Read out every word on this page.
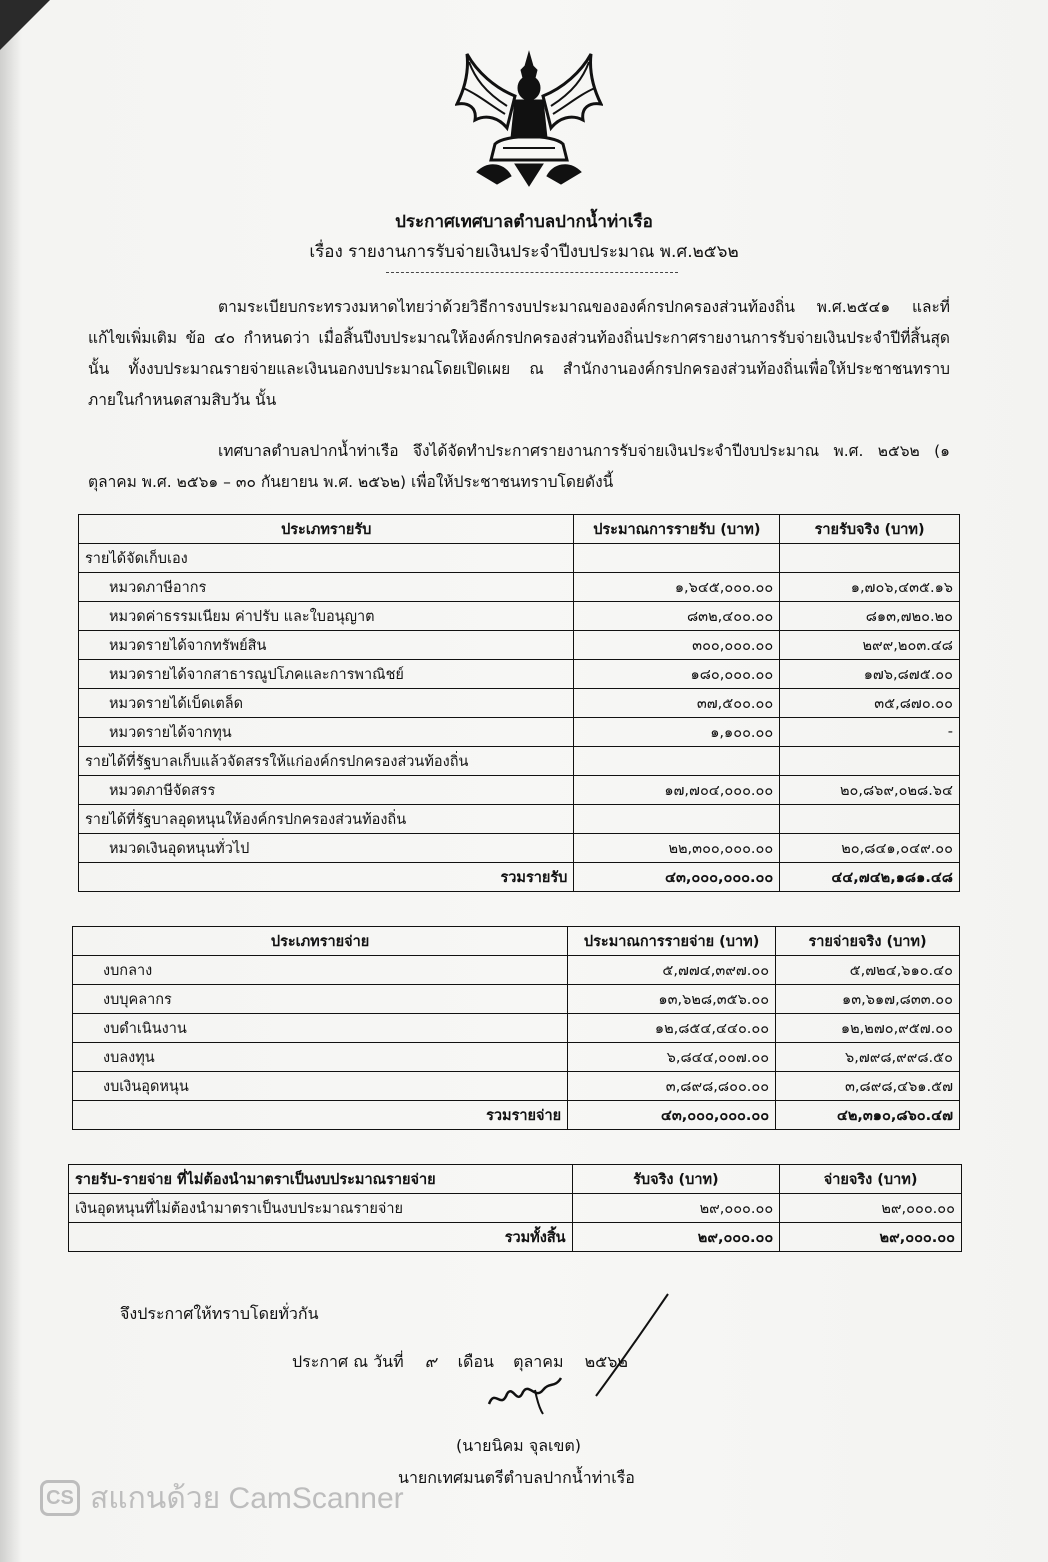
ประกาศเทศบาลตำบลปากน้ำท่าเรือ
เรื่อง รายงานการรับจ่ายเงินประจำปีงบประมาณ พ.ศ.๒๕๖๒
ตามระเบียบกระทรวงมหาดไทยว่าด้วยวิธีการงบประมาณขององค์กรปกครองส่วนท้องถิ่น พ.ศ.๒๕๔๑ และที่แก้ไขเพิ่มเติม ข้อ ๔๐ กำหนดว่า เมื่อสิ้นปีงบประมาณให้องค์กรปกครองส่วนท้องถิ่นประกาศรายงานการรับจ่ายเงินประจำปีที่สิ้นสุดนั้น ทั้งงบประมาณรายจ่ายและเงินนอกงบประมาณโดยเปิดเผย ณ สำนักงานองค์กรปกครองส่วนท้องถิ่นเพื่อให้ประชาชนทราบภายในกำหนดสามสิบวัน นั้น
เทศบาลตำบลปากน้ำท่าเรือ จึงได้จัดทำประกาศรายงานการรับจ่ายเงินประจำปีงบประมาณ พ.ศ. ๒๕๖๒ (๑ ตุลาคม พ.ศ. ๒๕๖๑ – ๓๐ กันยายน พ.ศ. ๒๕๖๒) เพื่อให้ประชาชนทราบโดยดังนี้
ประเภทรายรับ	ประมาณการรายรับ (บาท)	รายรับจริง (บาท)
รายได้จัดเก็บเอง		
หมวดภาษีอากร	๑,๖๔๕,๐๐๐.๐๐	๑,๗๐๖,๔๓๕.๑๖
หมวดค่าธรรมเนียม ค่าปรับ และใบอนุญาต	๘๓๒,๔๐๐.๐๐	๘๑๓,๗๒๐.๒๐
หมวดรายได้จากทรัพย์สิน	๓๐๐,๐๐๐.๐๐	๒๙๙,๒๐๓.๔๘
หมวดรายได้จากสาธารณูปโภคและการพาณิชย์	๑๘๐,๐๐๐.๐๐	๑๗๖,๘๗๕.๐๐
หมวดรายได้เบ็ดเตล็ด	๓๗,๕๐๐.๐๐	๓๕,๘๗๐.๐๐
หมวดรายได้จากทุน	๑,๑๐๐.๐๐	-
รายได้ที่รัฐบาลเก็บแล้วจัดสรรให้แก่องค์กรปกครองส่วนท้องถิ่น		
หมวดภาษีจัดสรร	๑๗,๗๐๔,๐๐๐.๐๐	๒๐,๘๖๙,๐๒๘.๖๔
รายได้ที่รัฐบาลอุดหนุนให้องค์กรปกครองส่วนท้องถิ่น		
หมวดเงินอุดหนุนทั่วไป	๒๒,๓๐๐,๐๐๐.๐๐	๒๐,๘๔๑,๐๔๙.๐๐
รวมรายรับ	๔๓,๐๐๐,๐๐๐.๐๐	๔๔,๗๔๒,๑๘๑.๔๘
ประเภทรายจ่าย	ประมาณการรายจ่าย (บาท)	รายจ่ายจริง (บาท)
งบกลาง	๕,๗๗๔,๓๙๗.๐๐	๕,๗๒๔,๖๑๐.๔๐
งบบุคลากร	๑๓,๖๒๘,๓๕๖.๐๐	๑๓,๖๑๗,๘๓๓.๐๐
งบดำเนินงาน	๑๒,๘๕๔,๔๔๐.๐๐	๑๒,๒๗๐,๙๕๗.๐๐
งบลงทุน	๖,๘๔๔,๐๐๗.๐๐	๖,๗๙๘,๙๙๘.๕๐
งบเงินอุดหนุน	๓,๘๙๘,๘๐๐.๐๐	๓,๘๙๘,๔๖๑.๕๗
รวมรายจ่าย	๔๓,๐๐๐,๐๐๐.๐๐	๔๒,๓๑๐,๘๖๐.๔๗
รายรับ-รายจ่าย ที่ไม่ต้องนำมาตราเป็นงบประมาณรายจ่าย	รับจริง (บาท)	จ่ายจริง (บาท)
เงินอุดหนุนที่ไม่ต้องนำมาตราเป็นงบประมาณรายจ่าย	๒๙,๐๐๐.๐๐	๒๙,๐๐๐.๐๐
รวมทั้งสิ้น	๒๙,๐๐๐.๐๐	๒๙,๐๐๐.๐๐
จึงประกาศให้ทราบโดยทั่วกัน
ประกาศ ณ วันที่ ๙ เดือน ตุลาคม ๒๕๖๒
(นายนิคม จุลเขต)
นายกเทศมนตรีตำบลปากน้ำท่าเรือ
CS สแกนด้วย CamScanner
